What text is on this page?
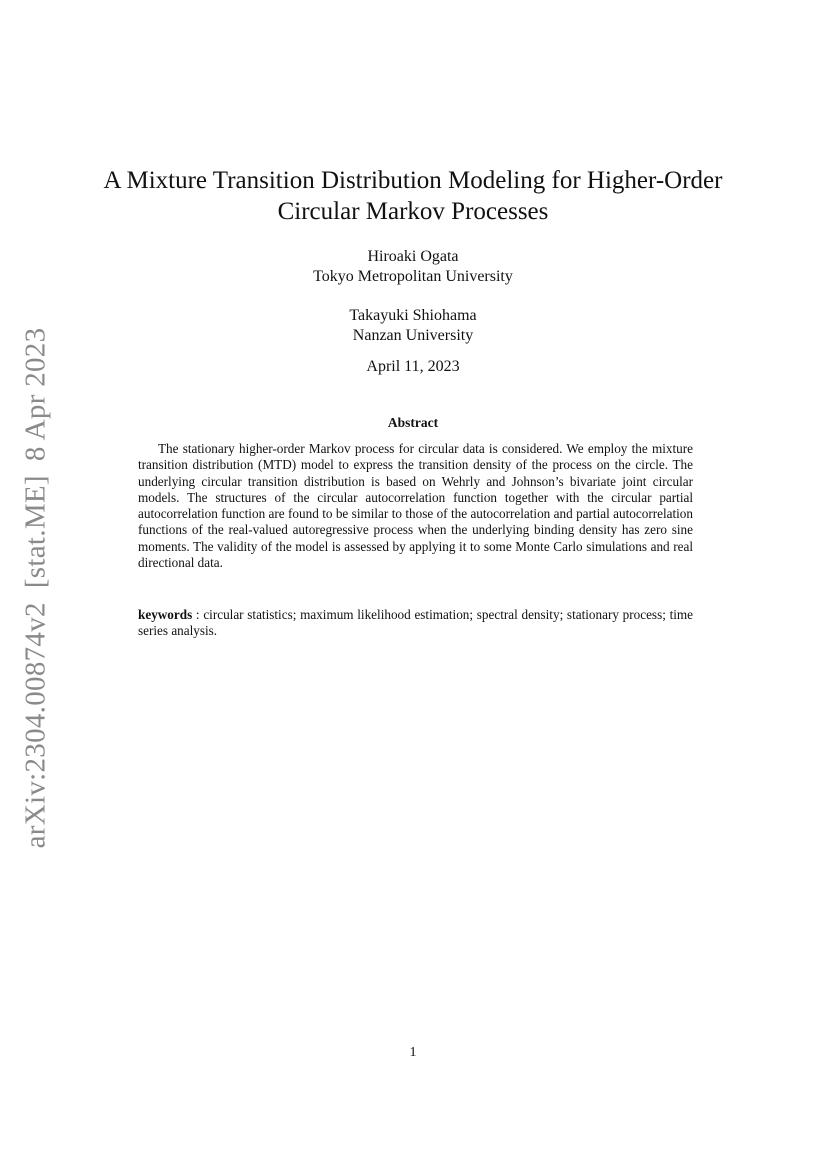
arXiv:2304.00874v2[stat.ME]8 Apr 2023
A Mixture Transition Distribution Modeling for Higher-Order
Circular Markov Processes
Hiroaki Ogata
Tokyo Metropolitan University
Takayuki Shiohama
Nanzan University
April 11, 2023
Abstract

The stationary higher-order Markov process for circular data is considered. We employ the mixture transition distribution (MTD) model to express the transition density of the process on the circle. The underlying circular transition distribution is based on Wehrly and Johnson’s bivariate joint circular models. The structures of the circular autocorrelation function together with the circular partial autocorrelation function are found to be similar to those of the autocorrelation and partial autocorrelation functions of the real-valued autoregressive process when the underlying binding density has zero sine moments. The validity of the model is assessed by applying it to some Monte Carlo simulations and real directional data.

keywords : circular statistics; maximum likelihood estimation; spectral density; stationary process; time series analysis.

1
